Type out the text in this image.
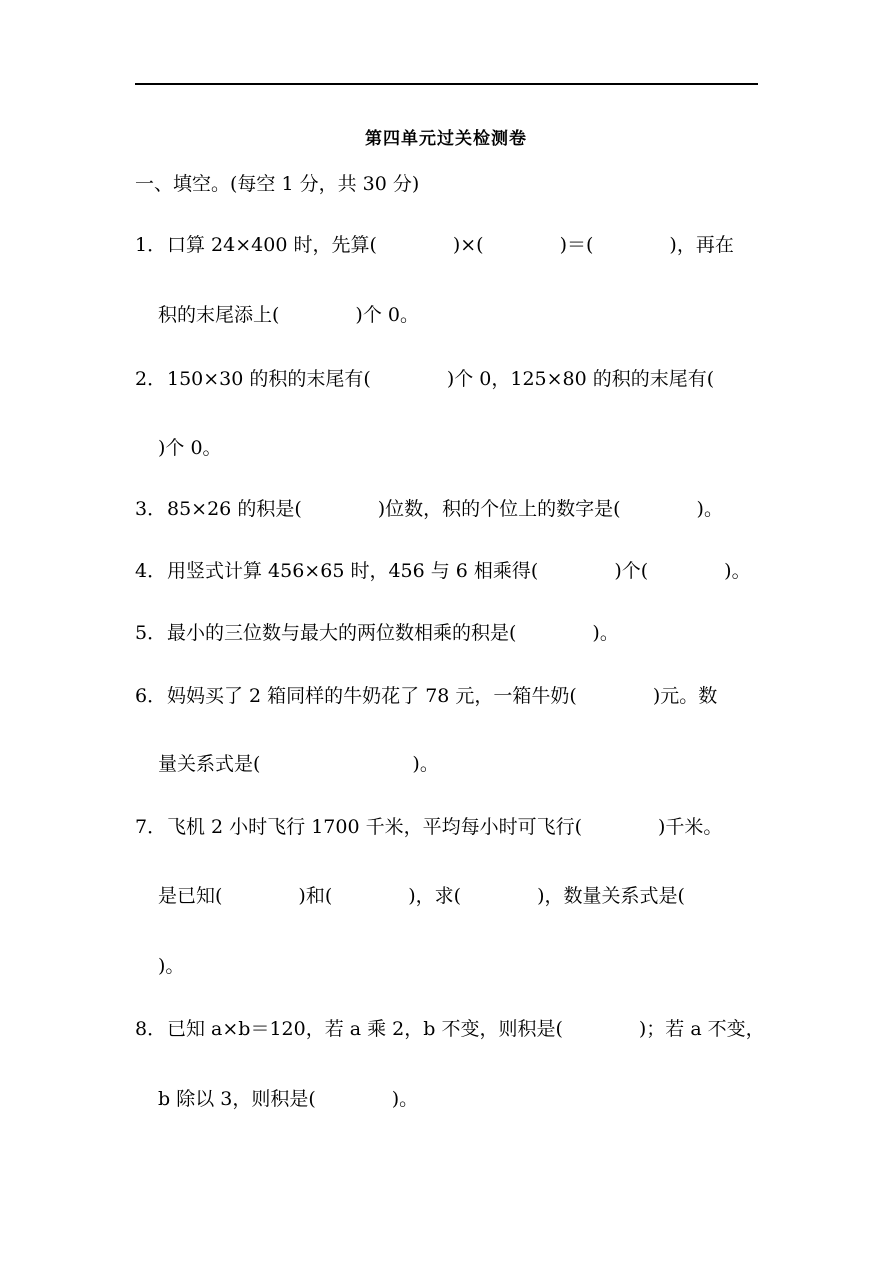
第四单元过关检测卷
一、填空。(每空 1 分，共 30 分)
1． 口算 24×400 时，先算(　　　　)×(　　　　)＝(　　　　)，再在
积的末尾添上(　　　　)个 0。
2． 150×30 的积的末尾有(　　　　)个 0，125×80 的积的末尾有(
)个 0。
3． 85×26 的积是(　　　　)位数，积的个位上的数字是(　　　　)。
4． 用竖式计算 456×65 时，456 与 6 相乘得(　　　　)个(　　　　)。
5． 最小的三位数与最大的两位数相乘的积是(　　　　)。
6． 妈妈买了 2 箱同样的牛奶花了 78 元，一箱牛奶(　　　　)元。数
量关系式是(　　　　　　　　)。
7． 飞机 2 小时飞行 1700 千米，平均每小时可飞行(　　　　)千米。
是已知(　　　　)和(　　　　)，求(　　　　)，数量关系式是(
)。
8． 已知 a×b＝120，若 a 乘 2，b 不变，则积是(　　　　)；若 a 不变，
b 除以 3，则积是(　　　　)。
